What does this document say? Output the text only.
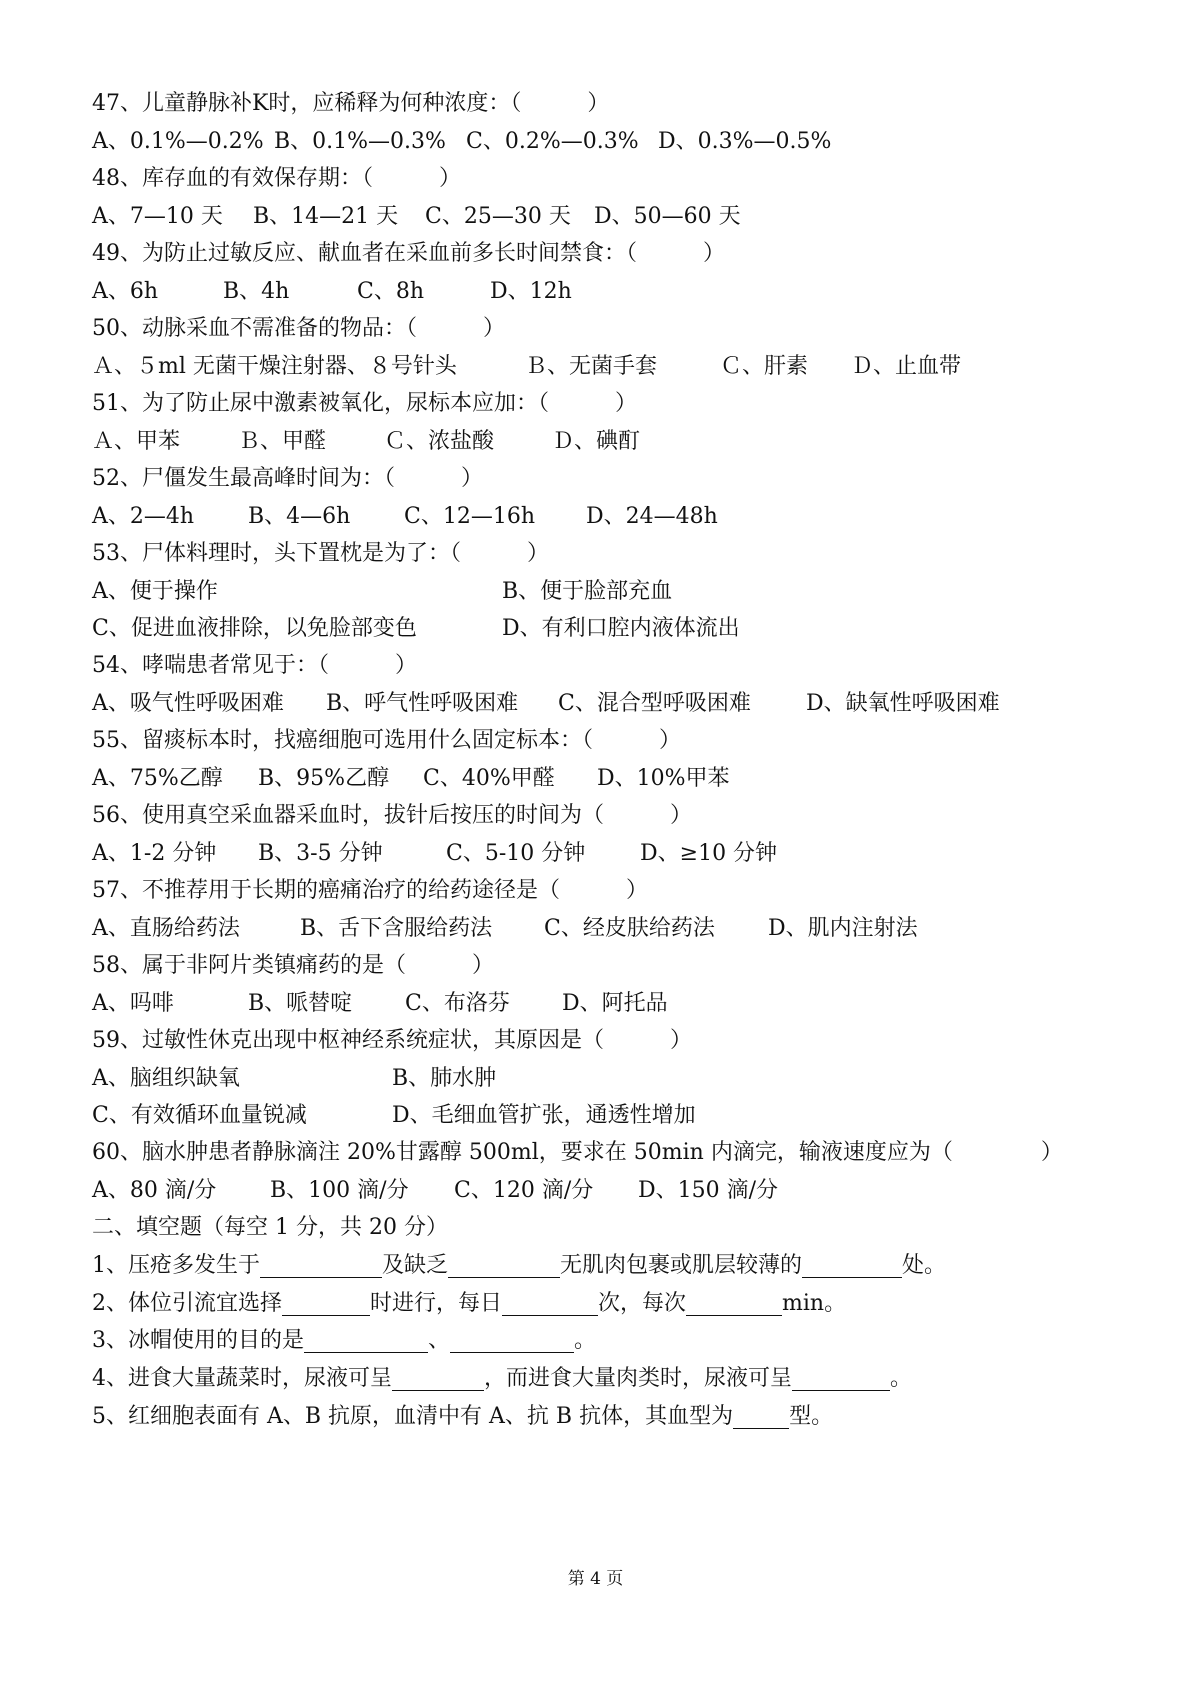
47、儿童静脉补K时，应稀释为何种浓度：（　　　）
A、0.1%—0.2% B、0.1%—0.3% C、0.2%—0.3% D、0.3%—0.5%
48、库存血的有效保存期：（　　　）
A、7—10 天 B、14—21 天 C、25—30 天 D、50—60 天
49、为防止过敏反应、献血者在采血前多长时间禁食：（　　　）
A、6h	B、4h	C、8h	D、12h
50、动脉采血不需准备的物品：（　　　）
Ａ、５ml 无菌干燥注射器、８号针头	Ｂ、无菌手套	Ｃ、肝素 Ｄ、止血带
51、为了防止尿中激素被氧化，尿标本应加：（　　　）
Ａ、甲苯	Ｂ、甲醛	Ｃ、浓盐酸	Ｄ、碘酊
52、尸僵发生最高峰时间为：（　　　）
A、2—4h B、4—6h C、12—16h D、24—48h
53、尸体料理时，头下置枕是为了：（　　　）
A、便于操作	B、便于脸部充血
C、促进血液排除，以免脸部变色	D、有利口腔内液体流出
54、哮喘患者常见于：（　　　）
A、吸气性呼吸困难 B、呼气性呼吸困难 C、混合型呼吸困难	D、缺氧性呼吸困难
55、留痰标本时，找癌细胞可选用什么固定标本：（　　　）
A、75%乙醇 B、95%乙醇 C、40%甲醛 D、10%甲苯
56、使用真空采血器采血时，拔针后按压的时间为（　　　）
A、1-2 分钟 B、3-5 分钟	C、5-10 分钟 D、≥10 分钟
57、不推荐用于长期的癌痛治疗的给药途径是（　　　）
A、直肠给药法	B、舌下含服给药法 C、经皮肤给药法 D、肌内注射法
58、属于非阿片类镇痛药的是（　　　）
A、吗啡	B、哌替啶 C、布洛芬 D、阿托品
59、过敏性休克出现中枢神经系统症状，其原因是（　　　）
A、脑组织缺氧	B、肺水肿
C、有效循环血量锐减	D、毛细血管扩张，通透性增加
60、脑水肿患者静脉滴注 20%甘露醇 500ml，要求在 50min 内滴完，输液速度应为（　　　　）
A、80 滴/分 B、100 滴/分 C、120 滴/分 D、150 滴/分
二、填空题（每空 1 分，共 20 分）
1、压疮多发生于	及缺乏	无肌肉包裹或肌层较薄的	处。
2、体位引流宜选择	时进行，每日	次，每次	min。
3、冰帽使用的目的是	、	。
4、进食大量蔬菜时，尿液可呈	，而进食大量肉类时，尿液可呈	。
5、红细胞表面有 A、B 抗原，血清中有 A、抗 B 抗体，其血型为	型。
第 4 页
